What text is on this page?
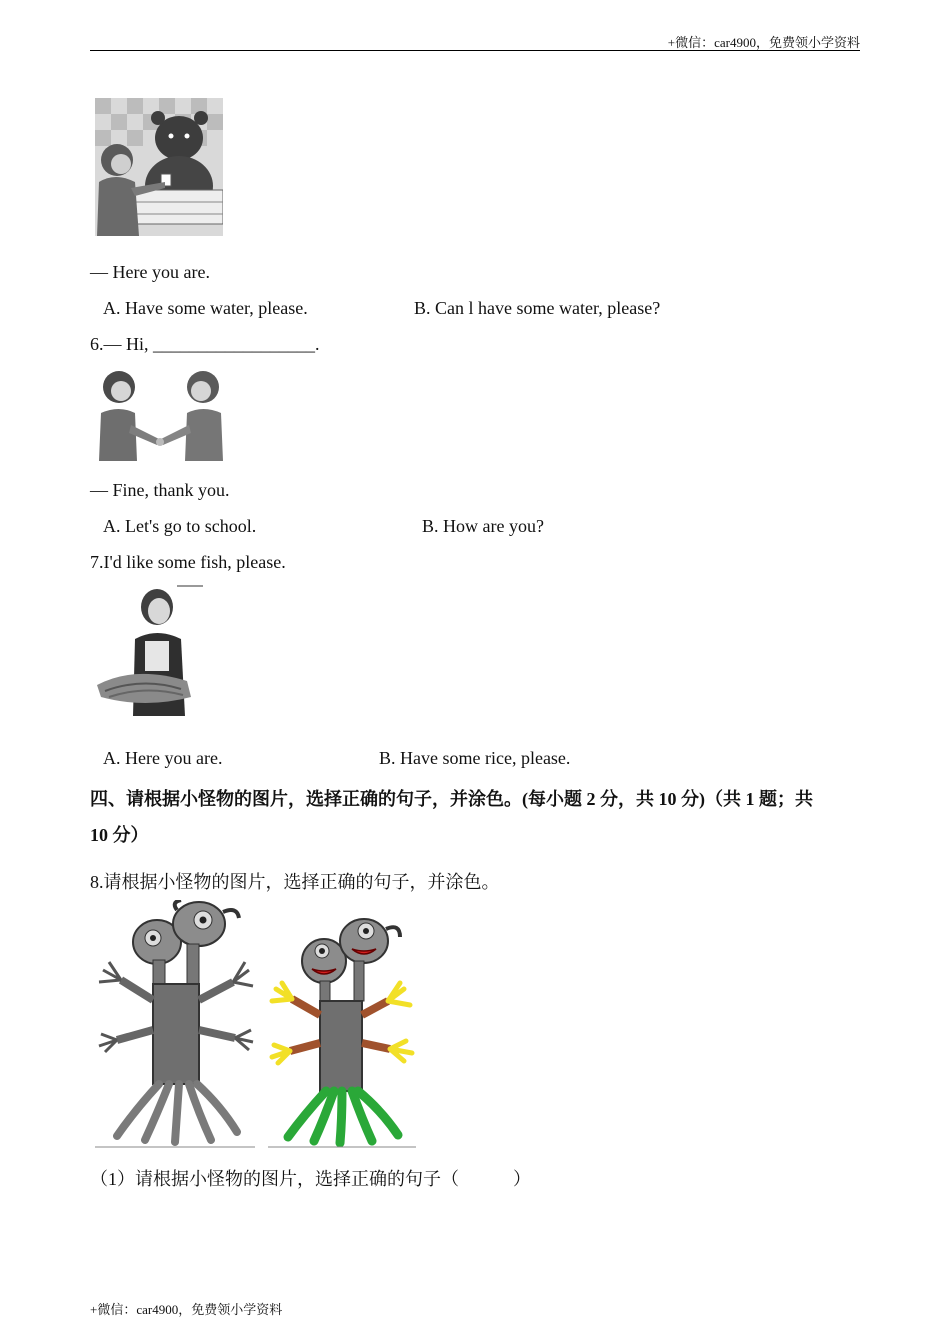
+微信：car4900，免费领小学资料
— Here you are.
A. Have some water, please.	B. Can l have some water, please?
6.— Hi, __________________.
— Fine, thank you.
A. Let's go to school.	B. How are you?
7.I'd like some fish, please.
A. Here you are.	B. Have some rice, please.
四、请根据小怪物的图片，选择正确的句子，并涂色。(每小题 2 分，共 10 分)（共 1 题；共
10 分）
8.请根据小怪物的图片，选择正确的句子，并涂色。
（1）请根据小怪物的图片，选择正确的句子（　　　）
+微信：car4900，免费领小学资料
